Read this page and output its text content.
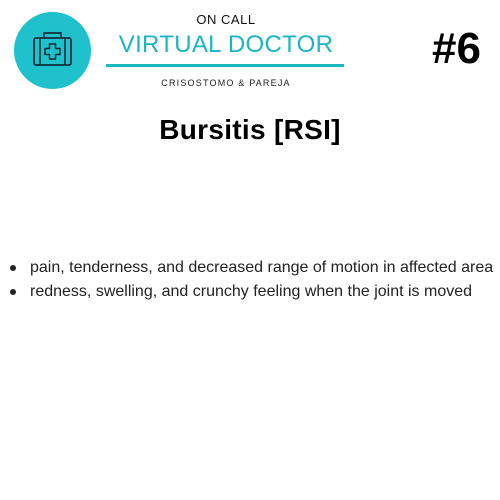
ON CALL
VIRTUAL DOCTOR
CRISOSTOMO & PAREJA
#6
Bursitis [RSI]
pain, tenderness, and decreased range of motion in affected area
redness, swelling, and crunchy feeling when the joint is moved
